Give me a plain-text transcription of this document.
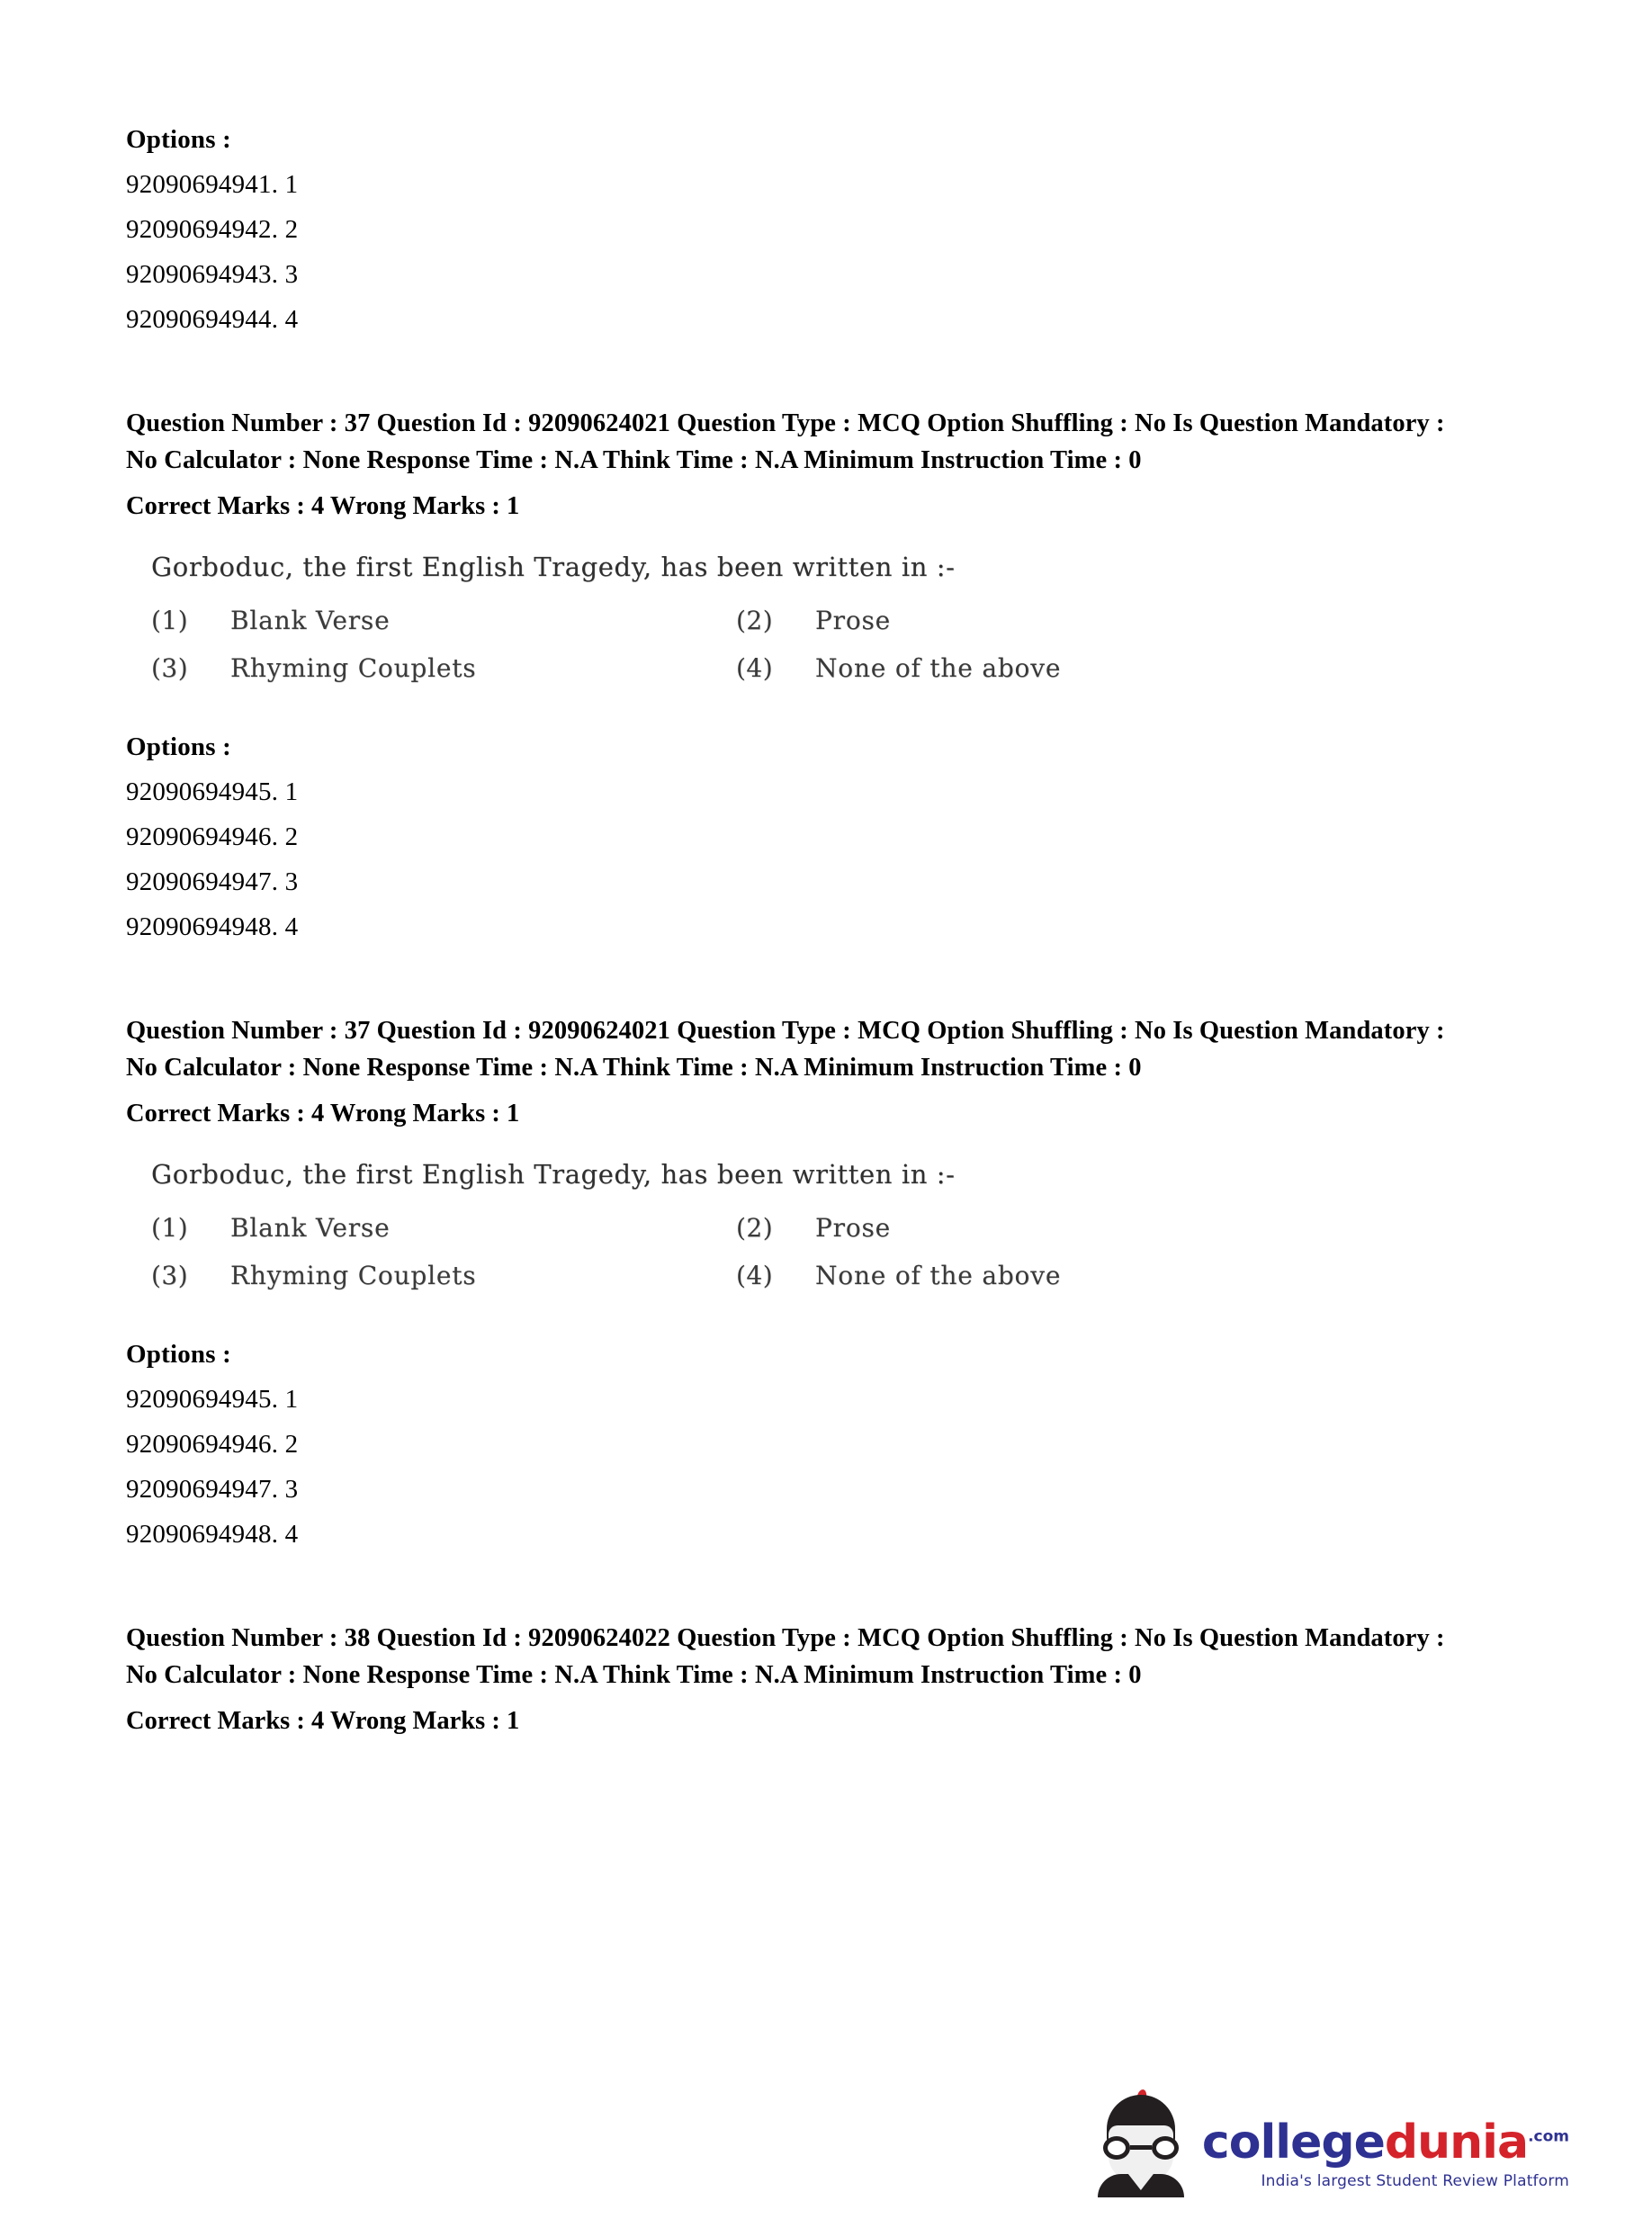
Options :
92090694941. 1
92090694942. 2
92090694943. 3
92090694944. 4
Question Number : 37 Question Id : 92090624021 Question Type : MCQ Option Shuffling : No Is Question Mandatory : No Calculator : None Response Time : N.A Think Time : N.A Minimum Instruction Time : 0
Correct Marks : 4 Wrong Marks : 1
Gorboduc, the first English Tragedy, has been written in :-
(1)	Blank Verse	(2)	Prose
(3)	Rhyming Couplets	(4)	None of the above
Options :
92090694945. 1
92090694946. 2
92090694947. 3
92090694948. 4
Question Number : 37 Question Id : 92090624021 Question Type : MCQ Option Shuffling : No Is Question Mandatory : No Calculator : None Response Time : N.A Think Time : N.A Minimum Instruction Time : 0
Correct Marks : 4 Wrong Marks : 1
Gorboduc, the first English Tragedy, has been written in :-
(1)	Blank Verse	(2)	Prose
(3)	Rhyming Couplets	(4)	None of the above
Options :
92090694945. 1
92090694946. 2
92090694947. 3
92090694948. 4
Question Number : 38 Question Id : 92090624022 Question Type : MCQ Option Shuffling : No Is Question Mandatory : No Calculator : None Response Time : N.A Think Time : N.A Minimum Instruction Time : 0
Correct Marks : 4 Wrong Marks : 1
collegedunia$^{.com}$
India's largest Student Review Platform
